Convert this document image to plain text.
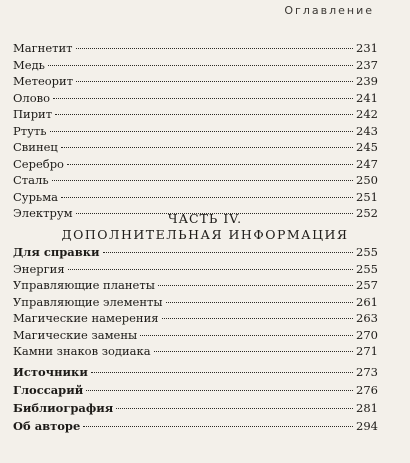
Оглавление
Магнетит	231
Медь	237
Метеорит	239
Олово	241
Пирит	242
Ртуть	243
Свинец	245
Серебро	247
Сталь	250
Сурьма	251
Электрум	252
ЧАСТЬ IV.
ДОПОЛНИТЕЛЬНАЯ ИНФОРМАЦИЯ
Для справки	255
Энергия	255
Управляющие планеты	257
Управляющие элементы	261
Магические намерения	263
Магические замены	270
Камни знаков зодиака	271
Источники	273
Глоссарий	276
Библиография	281
Об авторе	294
